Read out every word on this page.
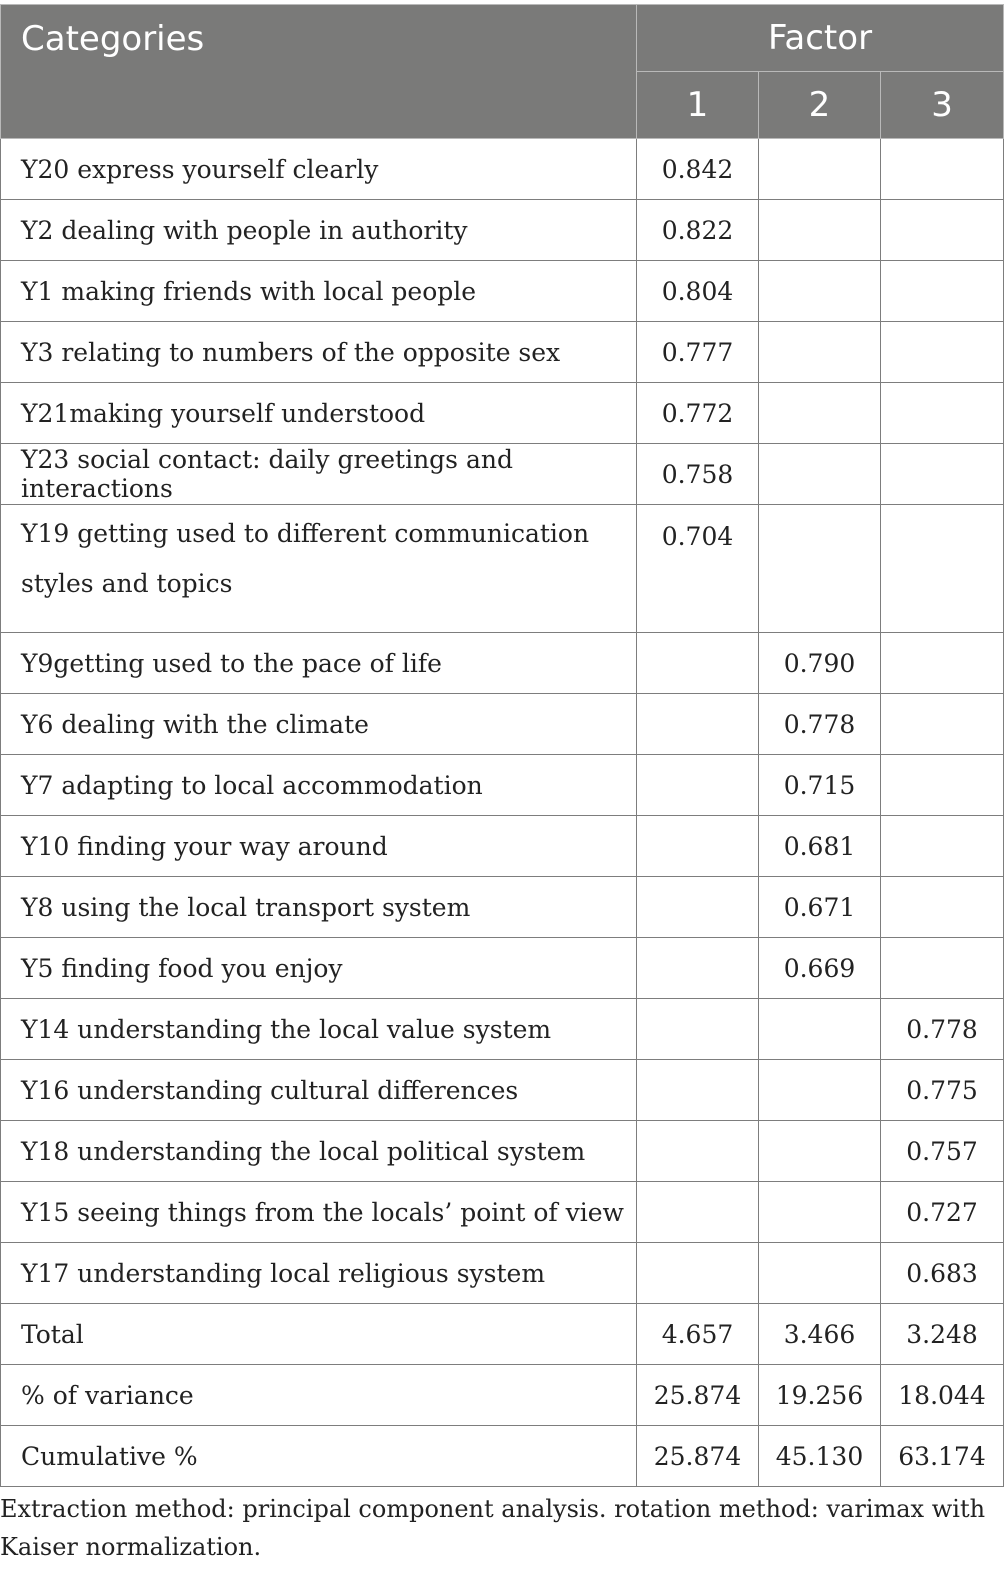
Categories	Factor		
	1	2	3
Y20 express yourself clearly	0.842		
Y2 dealing with people in authority	0.822		
Y1 making friends with local people	0.804		
Y3 relating to numbers of the opposite sex	0.777		
Y21making yourself understood	0.772		
Y23 social contact: daily greetings and interactions	0.758		
Y19 getting used to different communication styles and topics	0.704		
Y9getting used to the pace of life		0.790	
Y6 dealing with the climate		0.778	
Y7 adapting to local accommodation		0.715	
Y10 finding your way around		0.681	
Y8 using the local transport system		0.671	
Y5 finding food you enjoy		0.669	
Y14 understanding the local value system			0.778
Y16 understanding cultural differences			0.775
Y18 understanding the local political system			0.757
Y15 seeing things from the locals’ point of view			0.727
Y17 understanding local religious system			0.683
Total	4.657	3.466	3.248
% of variance	25.874	19.256	18.044
Cumulative %	25.874	45.130	63.174
Extraction method: principal component analysis. rotation method: varimax with Kaiser normalization.
